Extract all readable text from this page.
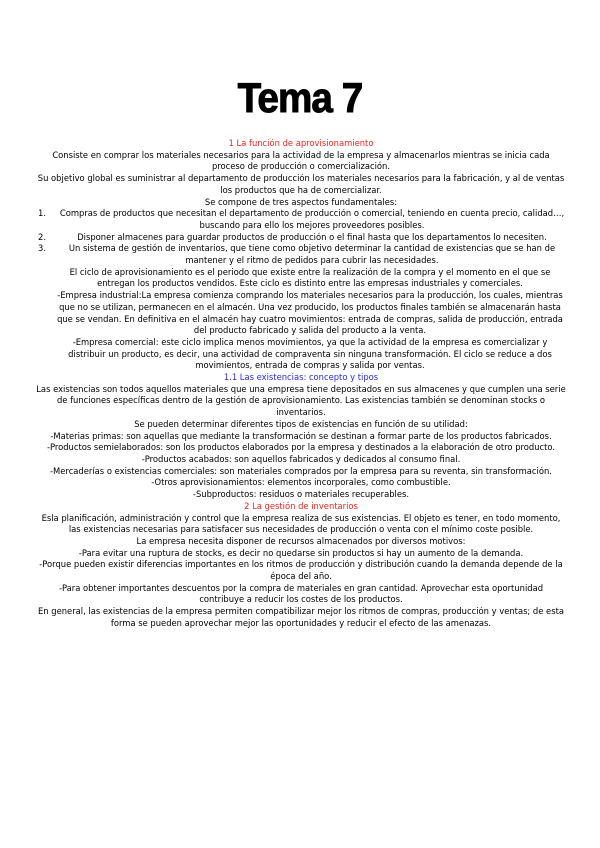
Tema 7

1 La función de aprovisionamiento

Consiste en comprar los materiales necesarios para la actividad de la empresa y almacenarlos mientras se inicia cada proceso de producción o comercialización.

Su objetivo global es suministrar al departamento de producción los materiales necesarios para la fabricación, y al de ventas los productos que ha de comercializar.

Se compone de tres aspectos fundamentales:

1. Compras de productos que necesitan el departamento de producción o comercial, teniendo en cuenta precio, calidad…, buscando para ello los mejores proveedores posibles.
2.	Disponer almacenes para guardar productos de producción o el final hasta que los departamentos lo necesiten.
3.	Un sistema de gestión de inventarios, que tiene como objetivo determinar la cantidad de existencias que se han de mantener y el ritmo de pedidos para cubrir las necesidades.

El ciclo de aprovisionamiento es el periodo que existe entre la realización de la compra y el momento en el que se entregan los productos vendidos. Este ciclo es distinto entre las empresas industriales y comerciales.

-Empresa industrial:La empresa comienza comprando los materiales necesarios para la producción, los cuales, mientras que no se utilizan, permanecen en el almacén. Una vez producido, los productos finales también se almacenarán hasta que se vendan. En definitiva en el almacén hay cuatro movimientos: entrada de compras, salida de producción, entrada del producto fabricado y salida del producto a la venta.

-Empresa comercial: este ciclo implica menos movimientos, ya que la actividad de la empresa es comercializar y distribuir un producto, es decir, una actividad de compraventa sin ninguna transformación. El ciclo se reduce a dos movimientos, entrada de compras y salida por ventas.

1.1 Las existencias: concepto y tipos

Las existencias son todos aquellos materiales que una empresa tiene depositados en sus almacenes y que cumplen una serie de funciones específicas dentro de la gestión de aprovisionamiento. Las existencias también se denominan stocks o inventarios.

Se pueden determinar diferentes tipos de existencias en función de su utilidad:

-Materias primas: son aquellas que mediante la transformación se destinan a formar parte de los productos fabricados.

-Productos semielaborados: son los productos elaborados por la empresa y destinados a la elaboración de otro producto.

-Productos acabados: son aquellos fabricados y dedicados al consumo final.

-Mercaderías o existencias comerciales: son materiales comprados por la empresa para su reventa, sin transformación.

-Otros aprovisionamientos: elementos incorporales, como combustible.

-Subproductos: residuos o materiales recuperables.

2 La gestión de inventarios

Esla planificación, administración y control que la empresa realiza de sus existencias. El objeto es tener, en todo momento, las existencias necesarias para satisfacer sus necesidades de producción o venta con el mínimo coste posible.

La empresa necesita disponer de recursos almacenados por diversos motivos:

-Para evitar una ruptura de stocks, es decir no quedarse sin productos si hay un aumento de la demanda.

-Porque pueden existir diferencias importantes en los ritmos de producción y distribución cuando la demanda depende de la época del año.

-Para obtener importantes descuentos por la compra de materiales en gran cantidad. Aprovechar esta oportunidad contribuye a reducir los costes de los productos.

En general, las existencias de la empresa permiten compatibilizar mejor los ritmos de compras, producción y ventas; de esta forma se pueden aprovechar mejor las oportunidades y reducir el efecto de las amenazas.
